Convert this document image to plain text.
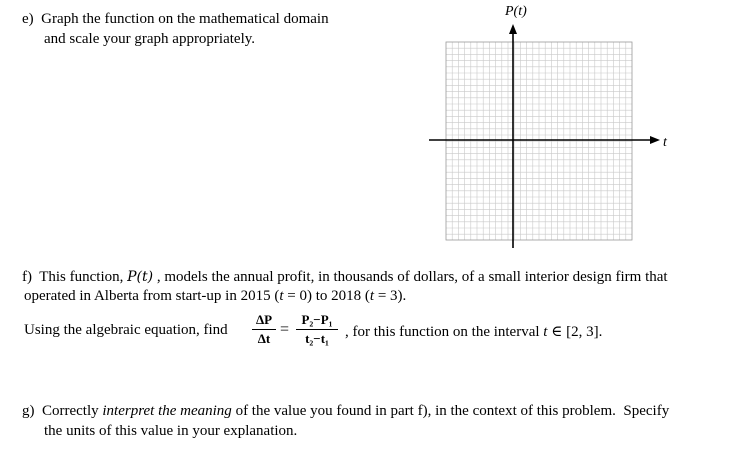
e)  Graph the function on the mathematical domain
and scale your graph appropriately.
P(t)
t
f)  This function, P(t) , models the annual profit, in thousands of dollars, of a small interior design firm that
operated in Alberta from start-up in 2015 (t = 0) to 2018 (t = 3).
Using the algebraic equation, find
ΔP
Δt
=
P₂−P₁
t₂−t₁	, for this function on the interval t ∈ [2, 3].
g)  Correctly interpret the meaning of the value you found in part f), in the context of this problem.  Specify
the units of this value in your explanation.
